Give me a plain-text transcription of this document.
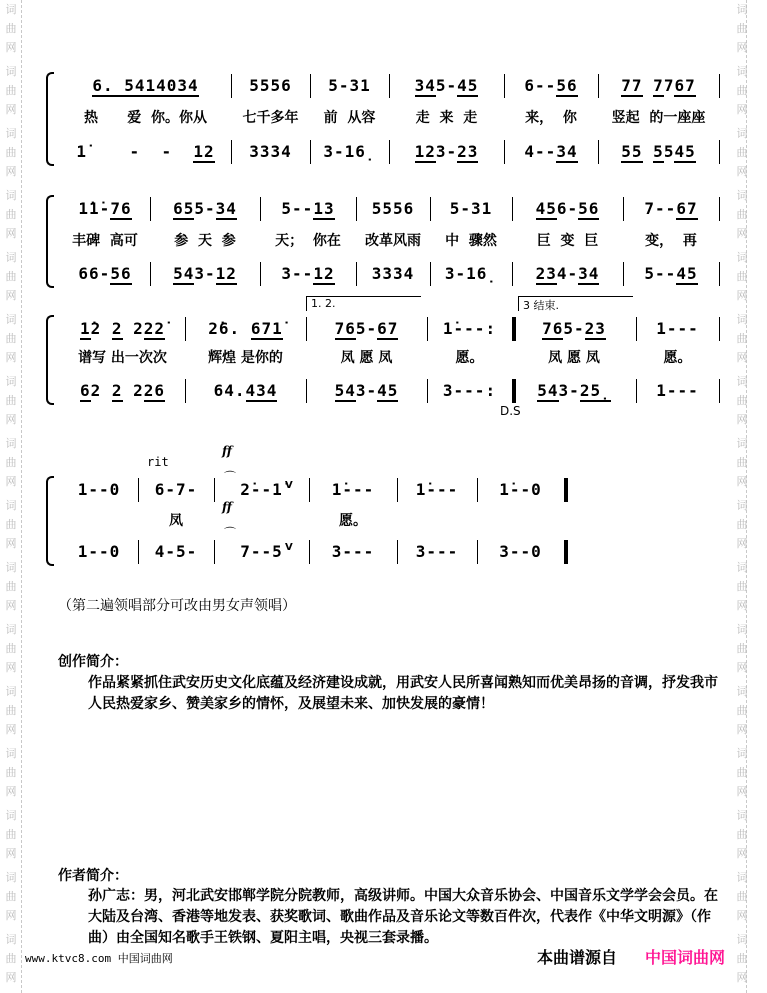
词
曲
网
词
曲
网
词
曲
网
词
曲
网
词
曲
网
词
曲
网
词
曲
网
词
曲
网
词
曲
网
词
曲
网
词
曲
网
词
曲
网
词
曲
网
词
曲
网
词
曲
网
词
曲
网
词
曲
网
词
曲
网
词
曲
网
词
曲
网
词
曲
网
词
曲
网
词
曲
网
词
曲
网
词
曲
网
词
曲
网
词
曲
网
词
曲
网
词
曲
网
词
曲
网
词
曲
网
词
曲
网
6. 5414034	5556 5-31	345-45	6--56	77 7767
1̇    -  -  12 3334 3-16̣ 123-23	4--34	55 5545
热      爱  你。你从	七千多年	前  从容	走  来  走	来，  你	竖起  的一座座
1̇1̇-76	655-34	5--13 5556 5-31	456-56	7--67
66-56	543-12	3--12 3334 3-16̣ 234-34	5--45
丰碑  高可	参  天  参	天；  你在	改革风雨	中  骤然	巨  变  巨	变，  再
1̇2 2 222̇	2̇6. 671̇	765-67	1̇---:	765-23	1---
62 2 226	64.434	543-45	3---:	543-25̣	1---
谱写 出一次次	辉煌 是你的	凤 愿 凤	愿。	凤 愿 凤	愿。
1. 2.	3 结束.
D.S
1--0 6-7-	2̇--1̇	1̇---	1̇---	1̇--0
1--0 4-5-	7--5	3---	3---	3--0
凤	愿。
rit
ff
⌒
ff
⌒
V
V
（第二遍领唱部分可改由男女声领唱）
创作简介：
作品紧紧抓住武安历史文化底蕴及经济建设成就，用武安人民所喜闻熟知而优美昂扬的音调，抒发我市人民热爱家乡、赞美家乡的情怀，及展望未来、加快发展的豪情！
作者简介：
孙广志：男，河北武安邯郸学院分院教师，高级讲师。中国大众音乐协会、中国音乐文学学会会员。在大陆及台湾、香港等地发表、获奖歌词、歌曲作品及音乐论文等数百件次，代表作《中华文明源》（作曲）由全国知名歌手王铁钢、夏阳主唱，央视三套录播。
www.ktvc8.com 中国词曲网	本曲谱源自 中国词曲网
